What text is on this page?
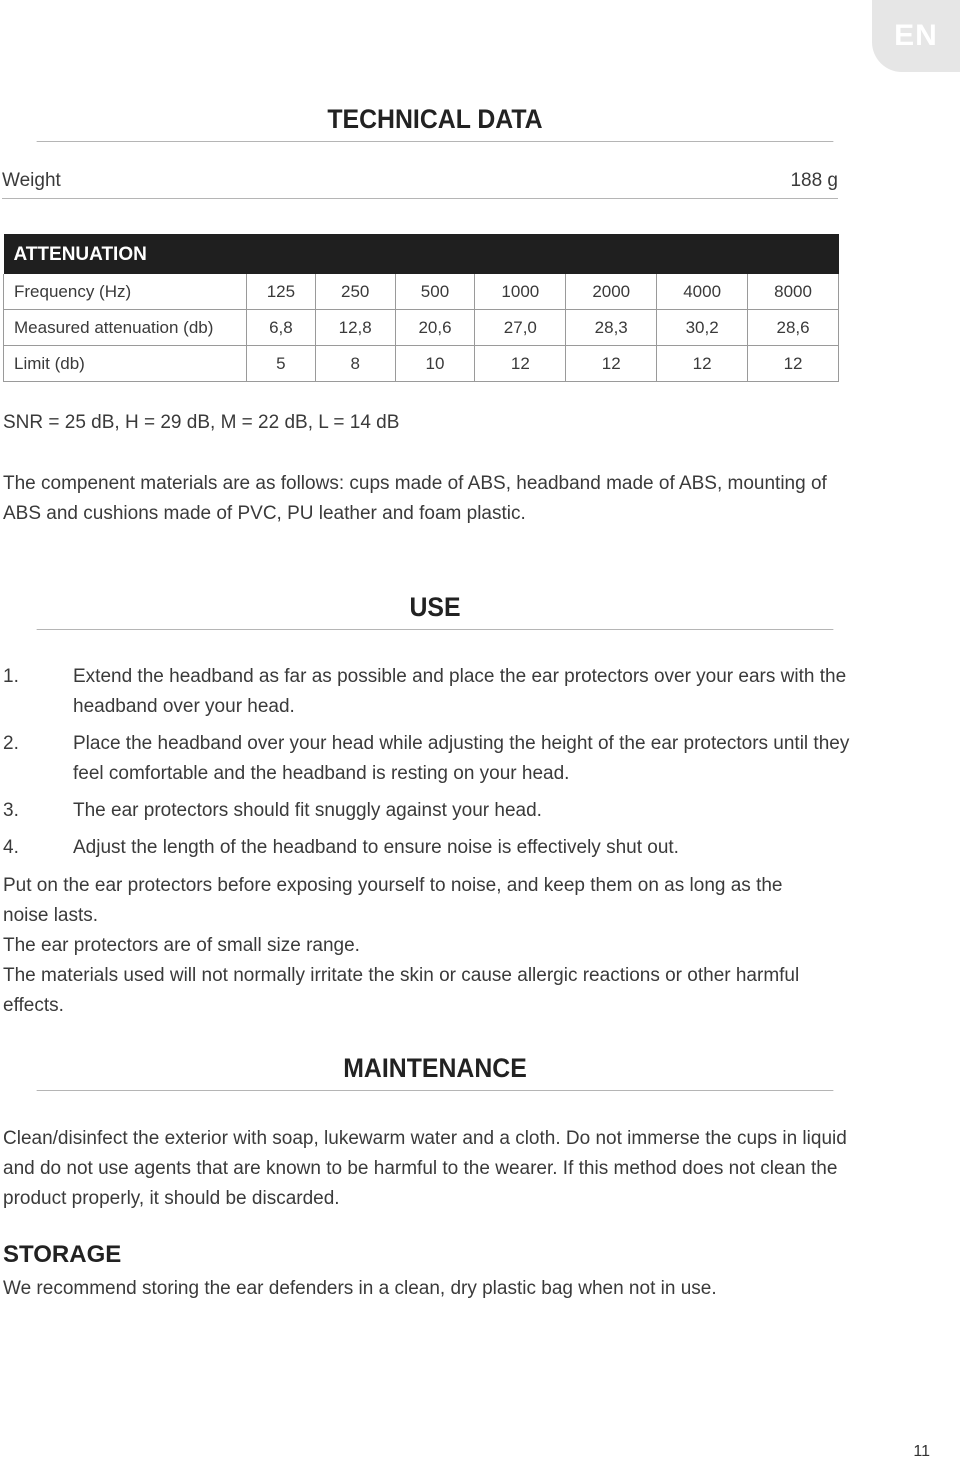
EN
TECHNICAL DATA
Weight	188 g
ATTENUATION							
Frequency (Hz)	125	250	500	1000	2000	4000	8000
Measured attenuation (db)	6,8	12,8	20,6	27,0	28,3	30,2	28,6
Limit (db)	5	8	10	12	12	12	12
SNR = 25 dB, H = 29 dB, M = 22 dB, L = 14 dB
The compenent materials are as follows: cups made of ABS, headband made of ABS, mounting of ABS and cushions made of PVC, PU leather and foam plastic.
USE
1.	Extend the headband as far as possible and place the ear protectors over your ears with the headband over your head.
2.	Place the headband over your head while adjusting the height of the ear protectors until they feel comfortable and the headband is resting on your head.
3.	The ear protectors should fit snuggly against your head.
4.	Adjust the length of the headband to ensure noise is effectively shut out.
Put on the ear protectors before exposing yourself to noise, and keep them on as long as the noise lasts.
The ear protectors are of small size range.
The materials used will not normally irritate the skin or cause allergic reactions or other harmful effects.
MAINTENANCE
Clean/disinfect the exterior with soap, lukewarm water and a cloth. Do not immerse the cups in liquid and do not use agents that are known to be harmful to the wearer. If this method does not clean the product properly, it should be discarded.
STORAGE
We recommend storing the ear defenders in a clean, dry plastic bag when not in use.
11
